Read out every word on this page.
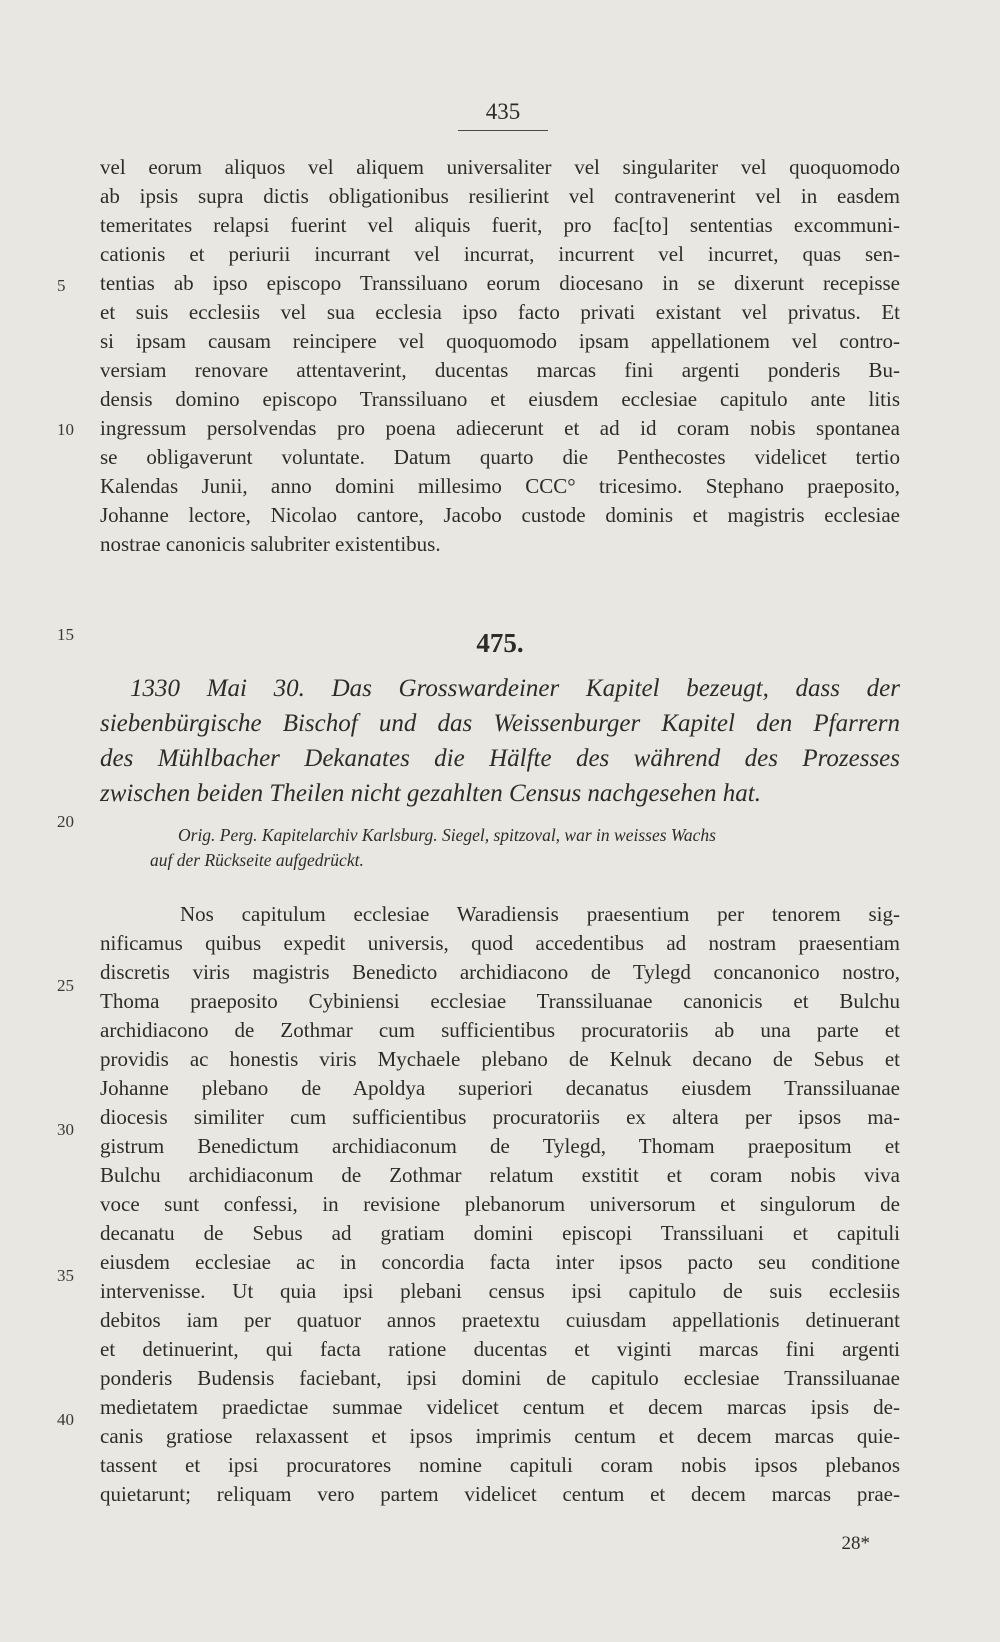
435
vel eorum aliquos vel aliquem universaliter vel singulariter vel quoquomodo
ab ipsis supra dictis obligationibus resilierint vel contravenerint vel in easdem
temeritates relapsi fuerint vel aliquis fuerit, pro fac[to] sententias excommuni-
cationis et periurii incurrant vel incurrat, incurrent vel incurret, quas sen-
tentias ab ipso episcopo Transsiluano eorum diocesano in se dixerunt recepisse
et suis ecclesiis vel sua ecclesia ipso facto privati existant vel privatus. Et
si ipsam causam reincipere vel quoquomodo ipsam appellationem vel contro-
versiam renovare attentaverint, ducentas marcas fini argenti ponderis Bu-
densis domino episcopo Transsiluano et eiusdem ecclesiae capitulo ante litis
ingressum persolvendas pro poena adiecerunt et ad id coram nobis spontanea
se obligaverunt voluntate. Datum quarto die Penthecostes videlicet tertio
Kalendas Junii, anno domini millesimo CCC° tricesimo. Stephano praeposito,
Johanne lectore, Nicolao cantore, Jacobo custode dominis et magistris ecclesiae
nostrae canonicis salubriter existentibus.
5
10
15
20
25
30
35
40
475.
1330 Mai 30. Das Grosswardeiner Kapitel bezeugt, dass der
siebenbürgische Bischof und das Weissenburger Kapitel den Pfarrern
des Mühlbacher Dekanates die Hälfte des während des Prozesses
zwischen beiden Theilen nicht gezahlten Census nachgesehen hat.
Orig. Perg. Kapitelarchiv Karlsburg. Siegel, spitzoval, war in weisses Wachs
auf der Rückseite aufgedrückt.
Nos capitulum ecclesiae Waradiensis praesentium per tenorem sig-
nificamus quibus expedit universis, quod accedentibus ad nostram praesentiam
discretis viris magistris Benedicto archidiacono de Tylegd concanonico nostro,
Thoma praeposito Cybiniensi ecclesiae Transsiluanae canonicis et Bulchu
archidiacono de Zothmar cum sufficientibus procuratoriis ab una parte et
providis ac honestis viris Mychaele plebano de Kelnuk decano de Sebus et
Johanne plebano de Apoldya superiori decanatus eiusdem Transsiluanae
diocesis similiter cum sufficientibus procuratoriis ex altera per ipsos ma-
gistrum Benedictum archidiaconum de Tylegd, Thomam praepositum et
Bulchu archidiaconum de Zothmar relatum exstitit et coram nobis viva
voce sunt confessi, in revisione plebanorum universorum et singulorum de
decanatu de Sebus ad gratiam domini episcopi Transsiluani et capituli
eiusdem ecclesiae ac in concordia facta inter ipsos pacto seu conditione
intervenisse. Ut quia ipsi plebani census ipsi capitulo de suis ecclesiis
debitos iam per quatuor annos praetextu cuiusdam appellationis detinuerant
et detinuerint, qui facta ratione ducentas et viginti marcas fini argenti
ponderis Budensis faciebant, ipsi domini de capitulo ecclesiae Transsiluanae
medietatem praedictae summae videlicet centum et decem marcas ipsis de-
canis gratiose relaxassent et ipsos imprimis centum et decem marcas quie-
tassent et ipsi procuratores nomine capituli coram nobis ipsos plebanos
quietarunt; reliquam vero partem videlicet centum et decem marcas prae-
28*
